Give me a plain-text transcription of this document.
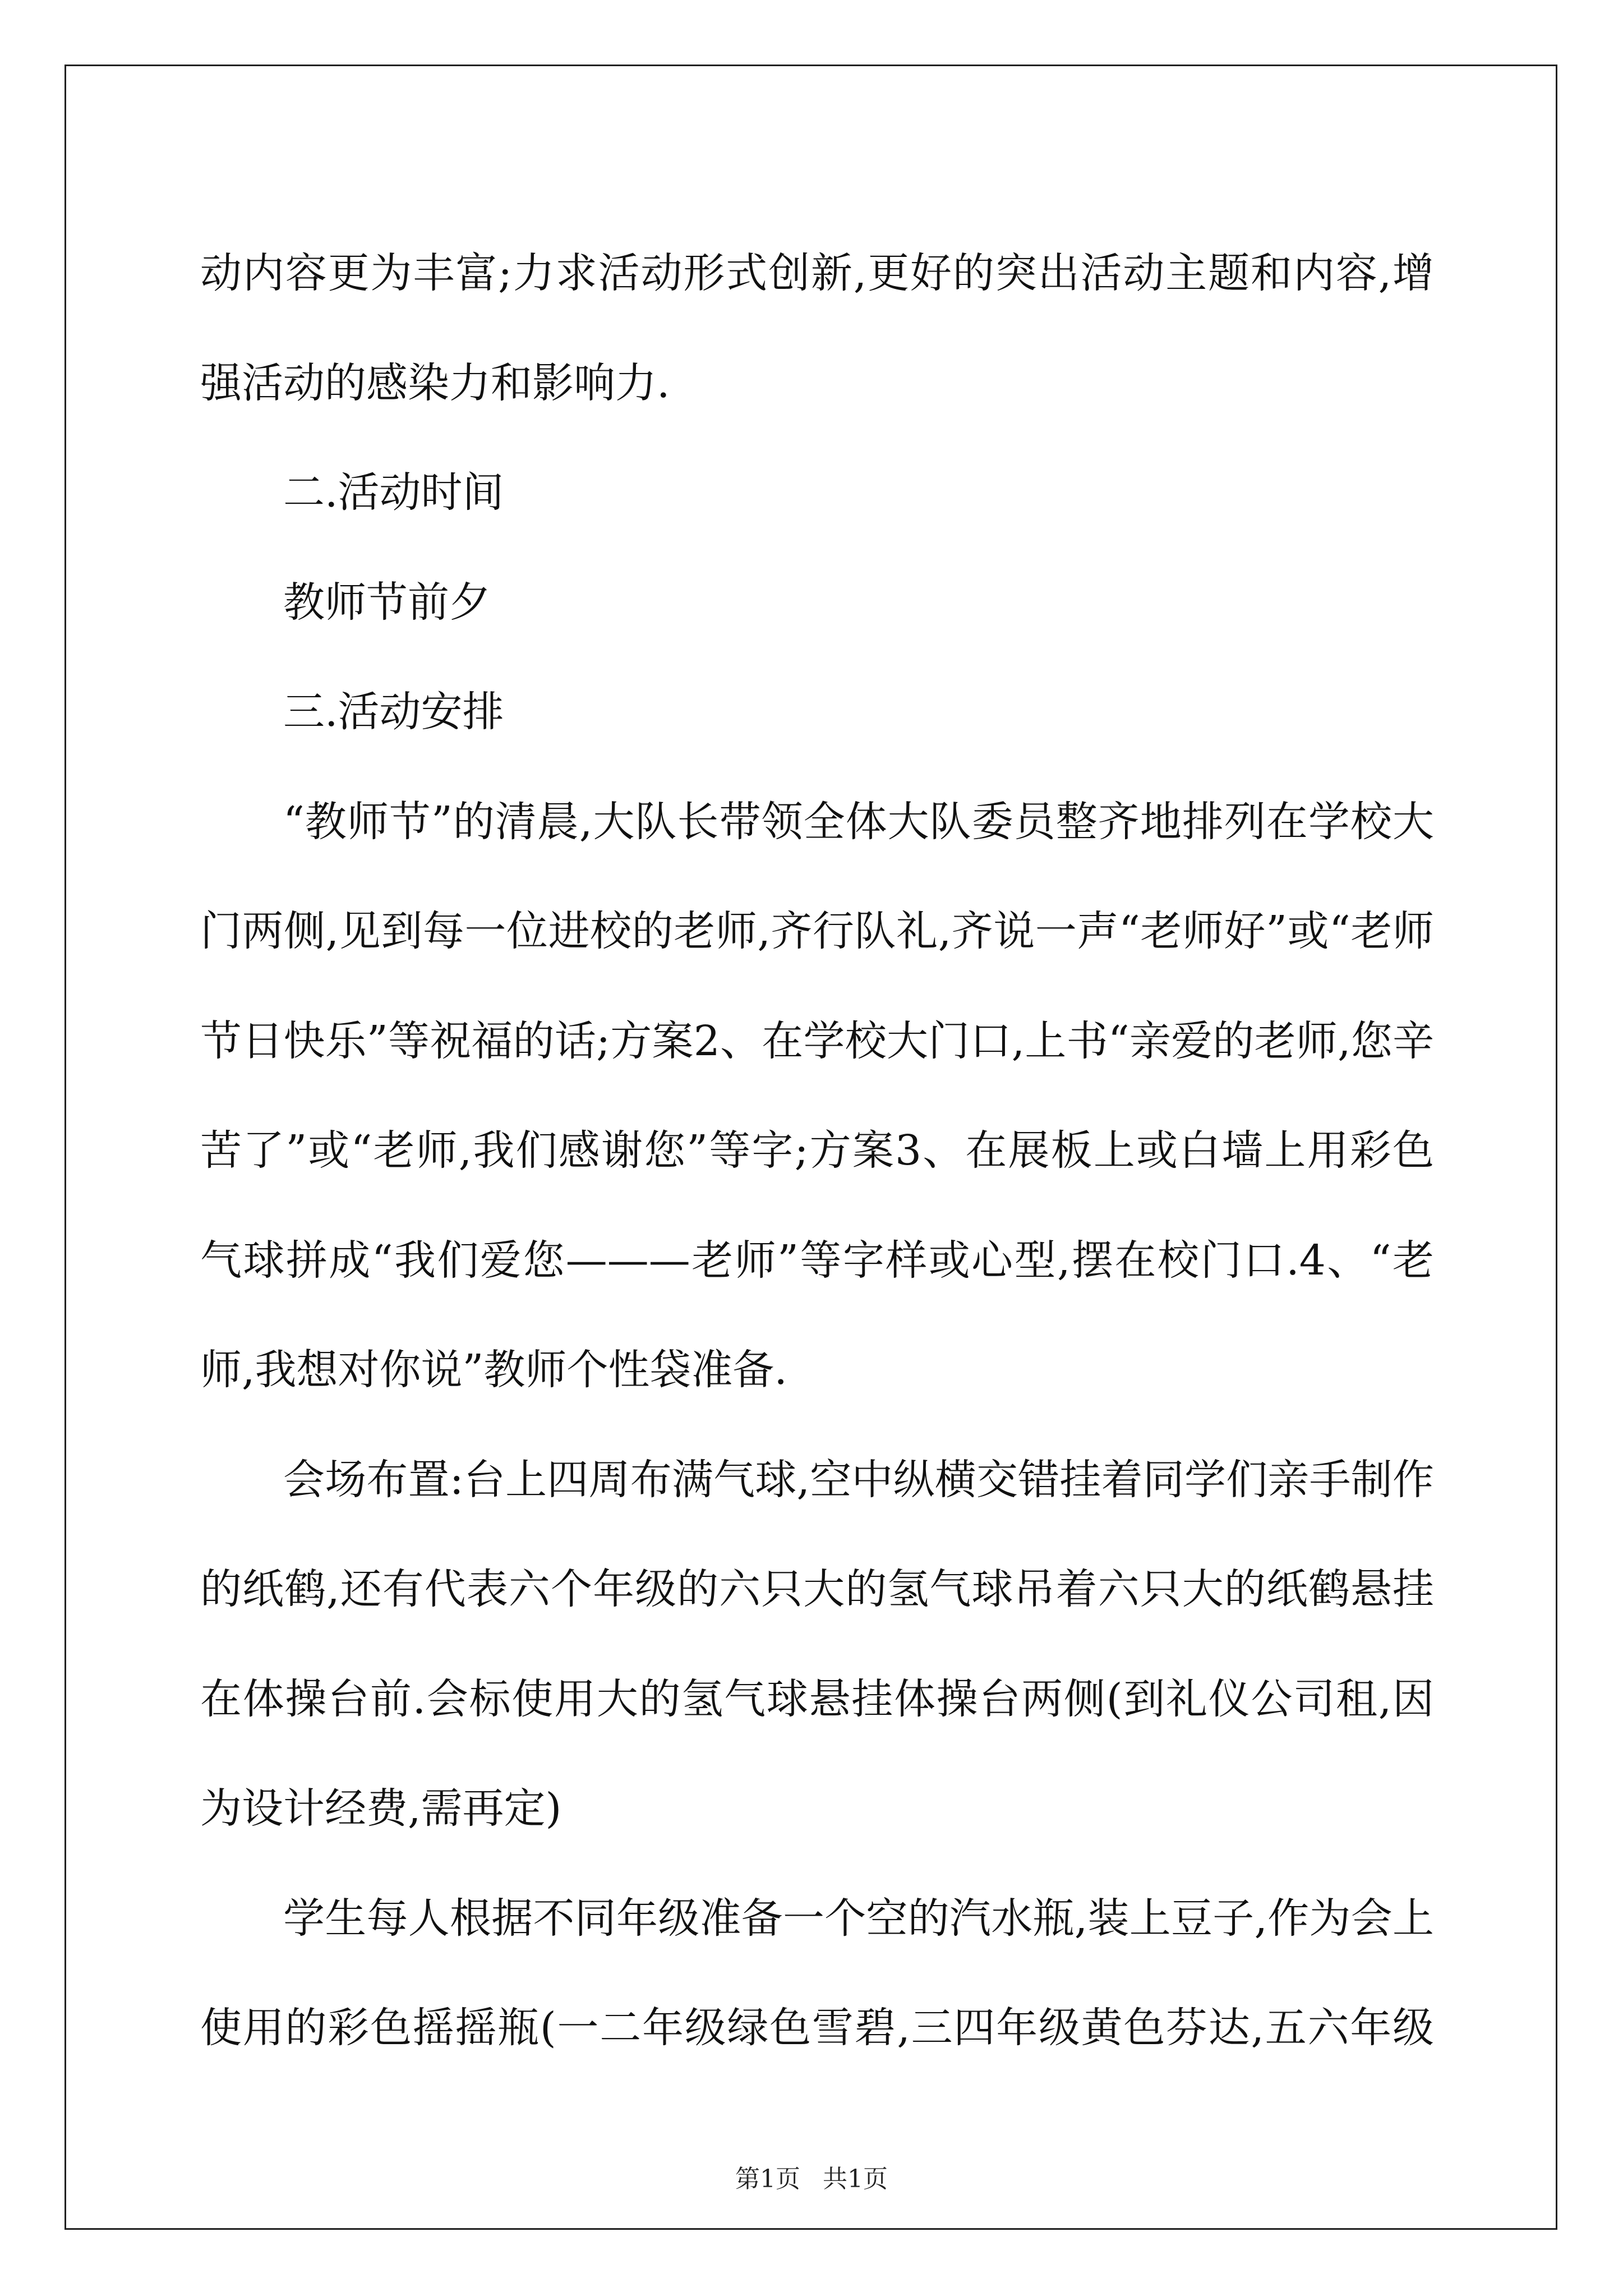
动内容更为丰富;力求活动形式创新,更好的突出活动主题和内容,增强活动的感染力和影响力.

二.活动时间

教师节前夕

三.活动安排

“教师节”的清晨,大队长带领全体大队委员整齐地排列在学校大门两侧,见到每一位进校的老师,齐行队礼,齐说一声“老师好”或“老师节日快乐”等祝福的话;方案2、在学校大门口,上书“亲爱的老师,您辛苦了”或“老师,我们感谢您”等字;方案3、在展板上或白墙上用彩色气球拼成“我们爱您———老师”等字样或心型,摆在校门口.4、“老师,我想对你说”教师个性袋准备.

会场布置:台上四周布满气球,空中纵横交错挂着同学们亲手制作的纸鹤,还有代表六个年级的六只大的氢气球吊着六只大的纸鹤悬挂在体操台前.会标使用大的氢气球悬挂体操台两侧(到礼仪公司租,因为设计经费,需再定)

学生每人根据不同年级准备一个空的汽水瓶,装上豆子,作为会上使用的彩色摇摇瓶(一二年级绿色雪碧,三四年级黄色芬达,五六年级

第1页 共1页
